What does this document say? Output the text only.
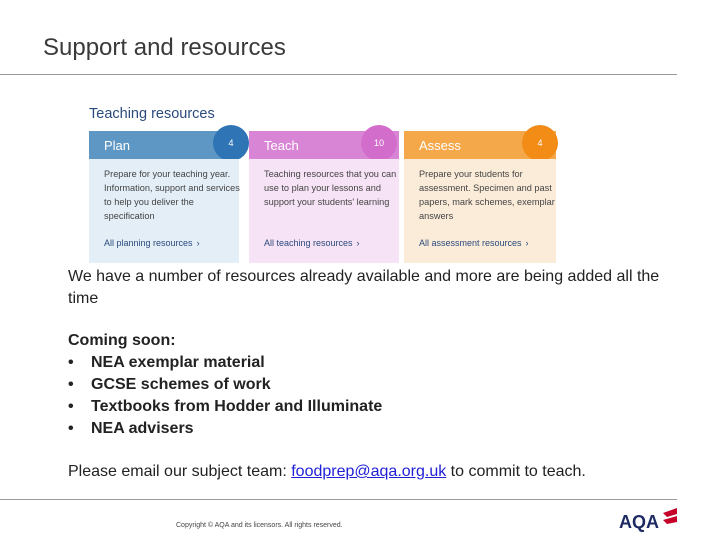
Support and resources
Teaching resources
Plan	4
Prepare for your teaching year. Information, support and services to help you deliver the specification
All planning resources ›
Teach	10
Teaching resources that you can use to plan your lessons and support your students' learning
All teaching resources ›
Assess	4
Prepare your students for assessment. Specimen and past papers, mark schemes, exemplar answers
All assessment resources ›

We have a number of resources already available and more are being added all the time

Coming soon:
•	NEA exemplar material
•	GCSE schemes of work
•	Textbooks from Hodder and Illuminate
•	NEA advisers
Please email our subject team: foodprep@aqa.org.uk to commit to teach.
Copyright © AQA and its licensors. All rights reserved.	AQA
